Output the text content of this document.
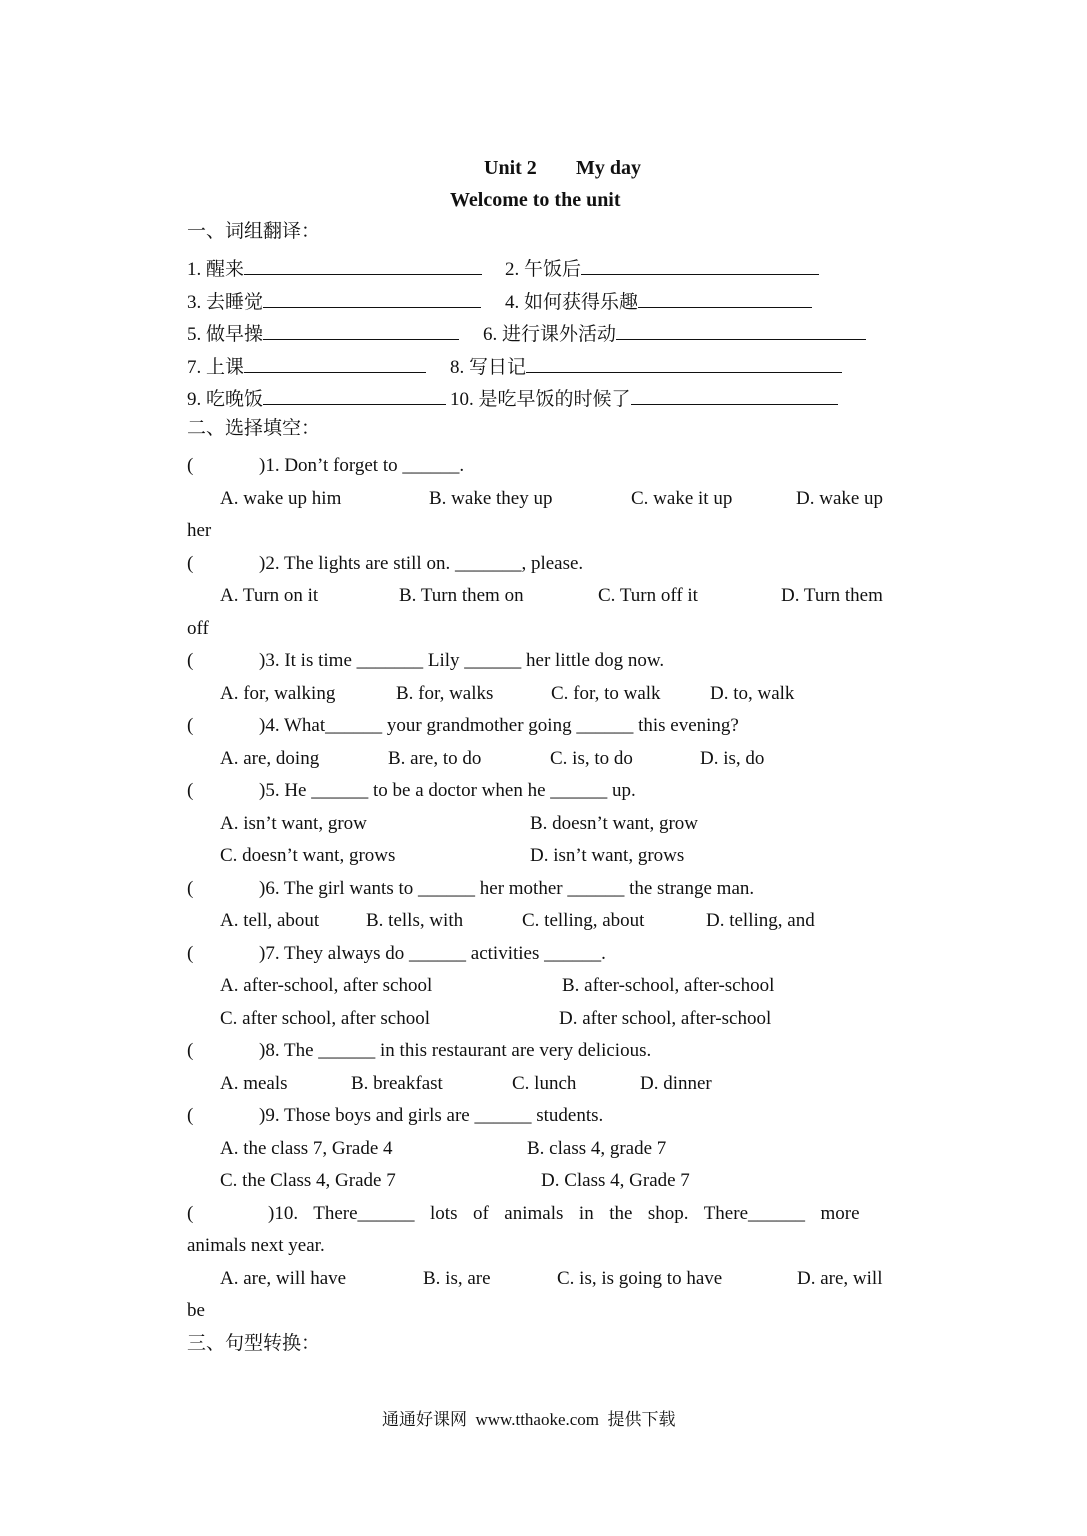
Unit 2 My day
Welcome to the unit
一、词组翻译：
1. 醒来	2. 午饭后
3. 去睡觉	4. 如何获得乐趣
5. 做早操	6. 进行课外活动
7. 上课	8. 写日记
9. 吃晚饭	10. 是吃早饭的时候了
二、选择填空：
(	)1. Don’t forget to ______.
A. wake up him	B. wake they up	C. wake it up	D. wake up
her
(	)2. The lights are still on. _______, please.
A. Turn on it	B. Turn them on	C. Turn off it	D. Turn them
off
(	)3. It is time _______ Lily ______ her little dog now.
A. for, walking	B. for, walks	C. for, to walk	D. to, walk
(	)4. What______ your grandmother going ______ this evening?
A. are, doing	B. are, to do	C. is, to do	D. is, do
(	)5. He ______ to be a doctor when he ______ up.
A. isn’t want, grow	B. doesn’t want, grow
C. doesn’t want, grows	D. isn’t want, grows
(	)6. The girl wants to ______ her mother ______ the strange man.
A. tell, about B. tells, with	C. telling, about	D. telling, and
(	)7. They always do ______ activities ______.
A. after-school, after school	B. after-school, after-school
C. after school, after school	D. after school, after-school
(	)8. The ______ in this restaurant are very delicious.
A. meals	B. breakfast	C. lunch	D. dinner
(	)9. Those boys and girls are ______ students.
A. the class 7, Grade 4	B. class 4, grade 7
C. the Class 4, Grade 7	D. Class 4, Grade 7
(	)10.  There______  lots  of  animals  in  the  shop.  There______  more
animals next year.
A. are, will have	B. is, are	C. is, is going to have	D. are, will
be
三、句型转换：
通通好课网  www.tthaoke.com  提供下载
